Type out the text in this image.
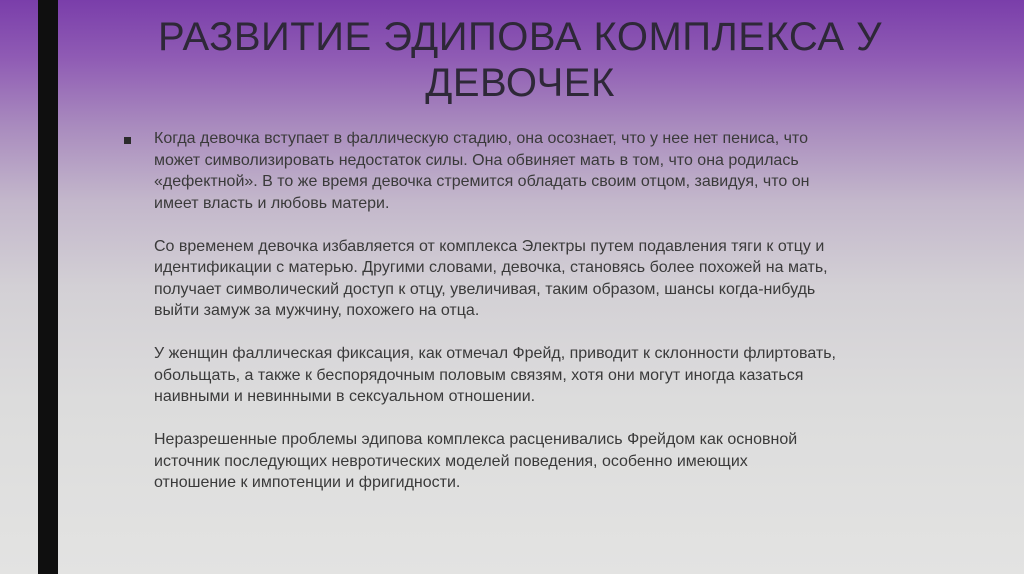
РАЗВИТИЕ ЭДИПОВА КОМПЛЕКСА У ДЕВОЧЕК

Когда девочка вступает в фаллическую стадию, она осознает, что у нее нет пениса, что
может символизировать недостаток силы. Она обвиняет мать в том, что она родилась
«дефектной». В то же время девочка стремится обладать своим отцом, завидуя, что он
имеет власть и любовь матери.

Со временем девочка избавляется от комплекса Электры путем подавления тяги к отцу и
идентификации с матерью. Другими словами, девочка, становясь более похожей на мать,
получает символический доступ к отцу, увеличивая, таким образом, шансы когда-нибудь
выйти замуж за мужчину, похожего на отца.

У женщин фаллическая фиксация, как отмечал Фрейд, приводит к склонности флиртовать,
обольщать, а также к беспорядочным половым связям, хотя они могут иногда казаться
наивными и невинными в сексуальном отношении.

Неразрешенные проблемы эдипова комплекса расценивались Фрейдом как основной
источник последующих невротических моделей поведения, особенно имеющих
отношение к импотенции и фригидности.
